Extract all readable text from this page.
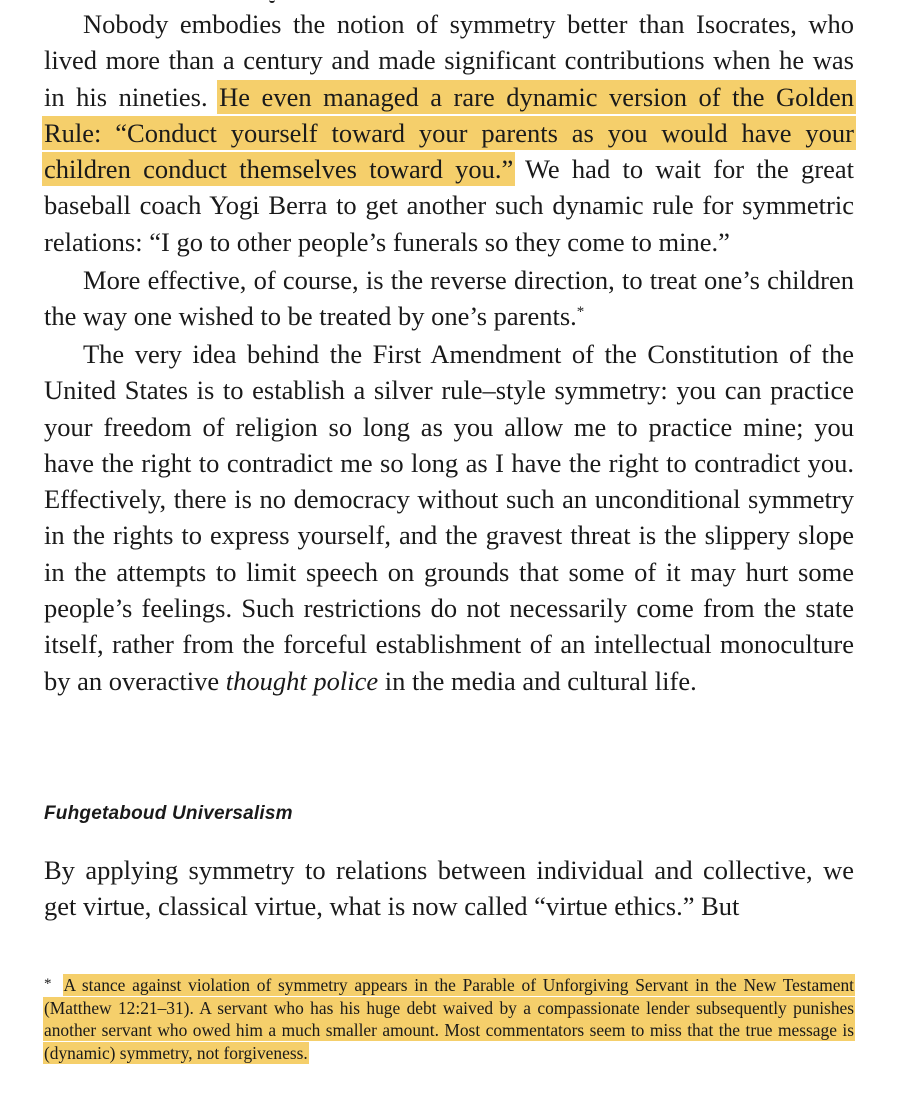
Nobody embodies the notion of symmetry better than Isocrates, who lived more than a century and made significant contributions when he was in his nineties. He even managed a rare dynamic version of the Golden Rule: “Conduct yourself toward your parents as you would have your children conduct themselves toward you.” We had to wait for the great baseball coach Yogi Berra to get another such dynamic rule for symmetric relations: “I go to other people’s funerals so they come to mine.”

More effective, of course, is the reverse direction, to treat one’s children the way one wished to be treated by one’s parents.*

The very idea behind the First Amendment of the Constitution of the United States is to establish a silver rule–style symmetry: you can practice your freedom of religion so long as you allow me to practice mine; you have the right to contradict me so long as I have the right to contradict you. Effectively, there is no democracy without such an unconditional symmetry in the rights to express yourself, and the gravest threat is the slippery slope in the attempts to limit speech on grounds that some of it may hurt some people’s feelings. Such restrictions do not necessarily come from the state itself, rather from the forceful establishment of an intellectual monoculture by an overactive thought police in the media and cultural life.

Fuhgetaboud Universalism

By applying symmetry to relations between individual and collective, we get virtue, classical virtue, what is now called “virtue ethics.” But

* A stance against violation of symmetry appears in the Parable of Unforgiving Servant in the New Testament (Matthew 12:21–31). A servant who has his huge debt waived by a compassionate lender subsequently punishes another servant who owed him a much smaller amount. Most commentators seem to miss that the true message is (dynamic) symmetry, not forgiveness.
